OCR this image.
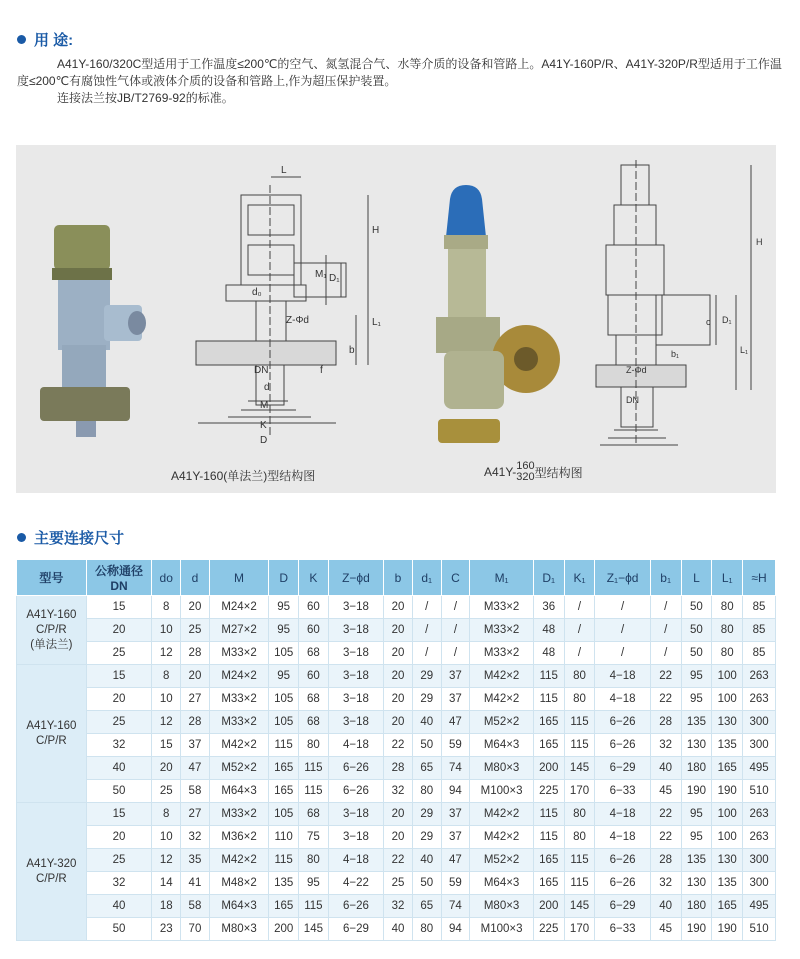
用 途:

A41Y-160/320C型适用于工作温度≤200℃的空气、氮氢混合气、水等介质的设备和管路上。A41Y-160P/R、A41Y-320P/R型适用于工作温度≤200℃有腐蚀性气体或液体介质的设备和管路上,作为超压保护装置。

连接法兰按JB/T2769-92的标准。

L
H
M₁ D₁
Z-Φd	L₁
b
f
DN
d
M
K
D
d₀
H
D₁
c
L₁
b₁
Z-Φd
DN
A41Y-160(单法兰)型结构图	A41Y- 160
320 型结构图
主要连接尺寸
型号	公称通径 DN	do	d	M	D	K	Z−ϕd	b	d₁	C	M₁	D₁	K₁	Z₁−ϕd	b₁	L	L₁	≈H

A41Y-160
C/P/R
(单法兰)	15	8	20	M24×2	95	60	3−18	20	/	/	M33×2	36	/	/	/	50	80	85
	20	10	25	M27×2	95	60	3−18	20	/	/	M33×2	48	/	/	/	50	80	85
	25	12	28	M33×2	105	68	3−18	20	/	/	M33×2	48	/	/	/	50	80	85

A41Y-160
C/P/R	15	8	20	M24×2	95	60	3−18	20	29	37	M42×2	115	80	4−18	22	95	100	263
	20	10	27	M33×2	105	68	3−18	20	29	37	M42×2	115	80	4−18	22	95	100	263
	25	12	28	M33×2	105	68	3−18	20	40	47	M52×2	165	115	6−26	28	135	130	300
	32	15	37	M42×2	115	80	4−18	22	50	59	M64×3	165	115	6−26	32	130	135	300
	40	20	47	M52×2	165	115	6−26	28	65	74	M80×3	200	145	6−29	40	180	165	495
	50	25	58	M64×3	165	115	6−26	32	80	94	M100×3	225	170	6−33	45	190	190	510

A41Y-320
C/P/R	15	8	27	M33×2	105	68	3−18	20	29	37	M42×2	115	80	4−18	22	95	100	263
	20	10	32	M36×2	110	75	3−18	20	29	37	M42×2	115	80	4−18	22	95	100	263
	25	12	35	M42×2	115	80	4−18	22	40	47	M52×2	165	115	6−26	28	135	130	300
	32	14	41	M48×2	135	95	4−22	25	50	59	M64×3	165	115	6−26	32	130	135	300
	40	18	58	M64×3	165	115	6−26	32	65	74	M80×3	200	145	6−29	40	180	165	495
	50	23	70	M80×3	200	145	6−29	40	80	94	M100×3	225	170	6−33	45	190	190	510
